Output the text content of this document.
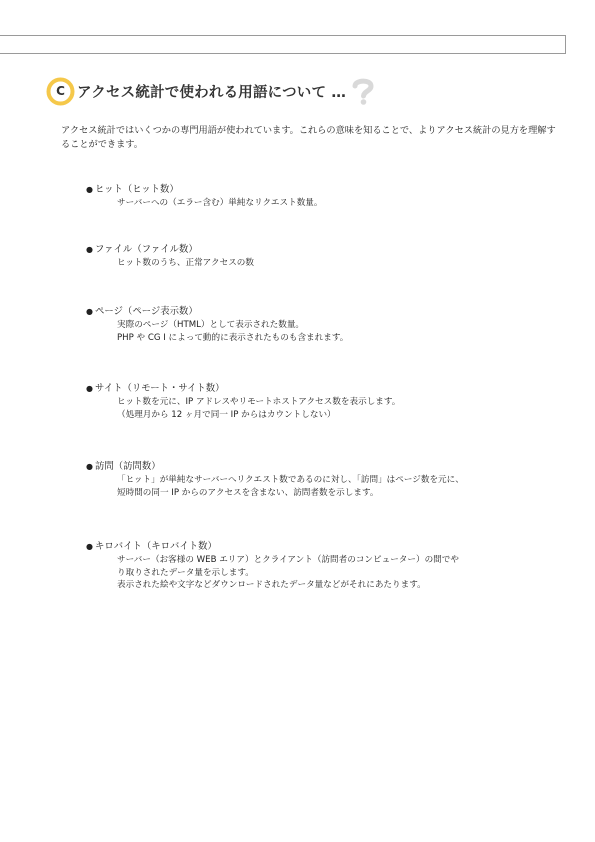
C アクセス統計で使われる用語について …
アクセス統計ではいくつかの専門用語が使われています。これらの意味を知ることで、よりアクセス統計の見方を理解することができます。
● ヒット（ヒット数）
サーバーへの（エラー含む）単純なリクエスト数量。
● ファイル（ファイル数）
ヒット数のうち、正常アクセスの数
● ページ（ページ表示数）
実際のページ（HTML）として表示された数量。
PHP や CG I によって動的に表示されたものも含まれます。
● サイト（リモート・サイト数）
ヒット数を元に、IP アドレスやリモートホストアクセス数を表示します。
（処理月から 12 ヶ月で同一 IP からはカウントしない）
● 訪問（訪問数）
「ヒット」が単純なサーバーへリクエスト数であるのに対し、「訪問」はページ数を元に、
短時間の同一 IP からのアクセスを含まない、訪問者数を示します。
● キロバイト（キロバイト数）
サーバー（お客様の WEB エリア）とクライアント（訪問者のコンピューター）の間でや
り取りされたデータ量を示します。
表示された絵や文字などダウンロードされたデータ量などがそれにあたります。
